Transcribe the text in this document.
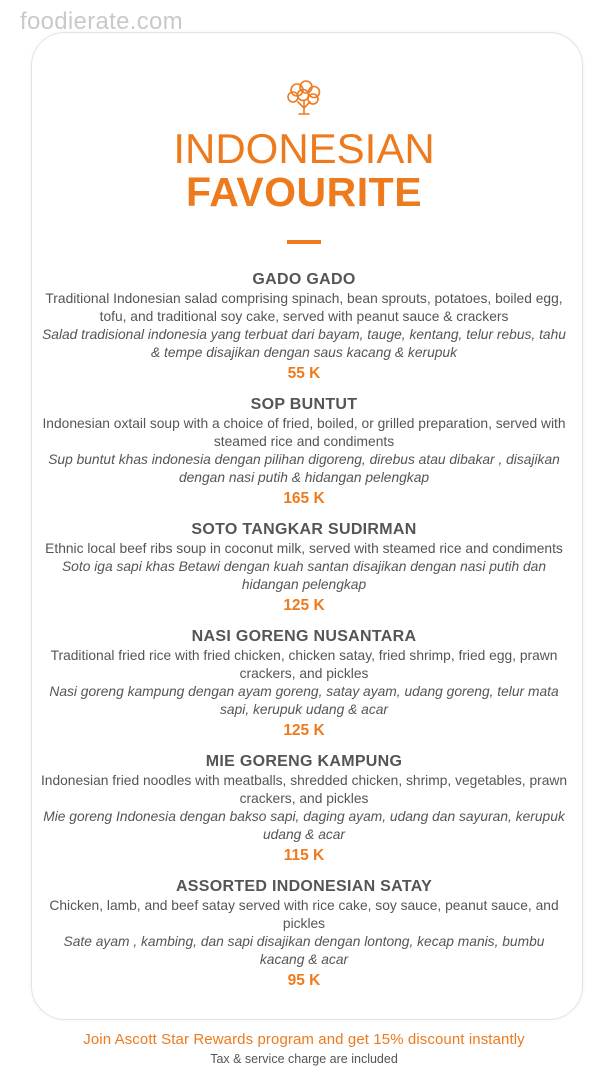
foodierate.com
INDONESIAN
FAVOURITE
GADO GADO
Traditional Indonesian salad comprising spinach, bean sprouts, potatoes, boiled egg, tofu, and traditional soy cake, served with peanut sauce & crackers
Salad tradisional indonesia yang terbuat dari bayam, tauge, kentang, telur rebus, tahu & tempe disajikan dengan saus kacang & kerupuk
55 K
SOP BUNTUT
Indonesian oxtail soup with a choice of fried, boiled, or grilled preparation, served with steamed rice and condiments
Sup buntut khas indonesia dengan pilihan digoreng, direbus atau dibakar , disajikan dengan nasi putih & hidangan pelengkap
165 K
SOTO TANGKAR SUDIRMAN
Ethnic local beef ribs soup in coconut milk, served with steamed rice and condiments
Soto iga sapi khas Betawi dengan kuah santan disajikan dengan nasi putih dan hidangan pelengkap
125 K
NASI GORENG NUSANTARA
Traditional fried rice with fried chicken, chicken satay, fried shrimp, fried egg, prawn crackers, and pickles
Nasi goreng kampung dengan ayam goreng, satay ayam, udang goreng, telur mata sapi, kerupuk udang & acar
125 K
MIE GORENG KAMPUNG
Indonesian fried noodles with meatballs, shredded chicken, shrimp, vegetables, prawn crackers, and pickles
Mie goreng Indonesia dengan bakso sapi, daging ayam, udang dan sayuran, kerupuk udang & acar
115 K
ASSORTED INDONESIAN SATAY
Chicken, lamb, and beef satay served with rice cake, soy sauce, peanut sauce, and pickles
Sate ayam , kambing, dan sapi disajikan dengan lontong, kecap manis, bumbu kacang & acar
95 K
Join Ascott Star Rewards program and get 15% discount instantly
Tax & service charge are included
